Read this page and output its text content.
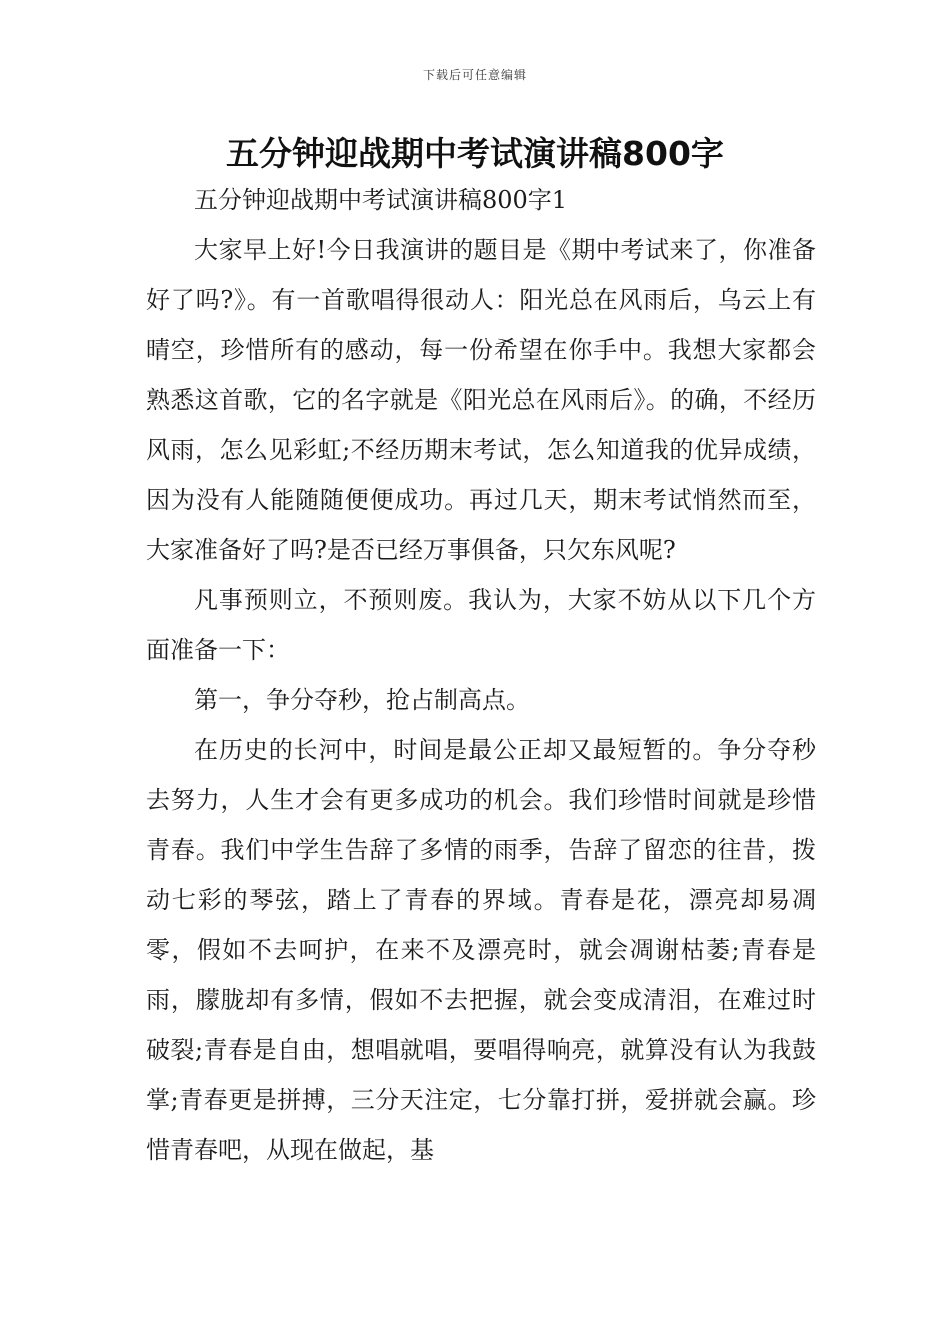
下载后可任意编辑
五分钟迎战期中考试演讲稿800字

五分钟迎战期中考试演讲稿800字1

大家早上好!今日我演讲的题目是《期中考试来了，你准备好了吗?》。有一首歌唱得很动人：阳光总在风雨后，乌云上有晴空，珍惜所有的感动，每一份希望在你手中。我想大家都会熟悉这首歌，它的名字就是《阳光总在风雨后》。的确，不经历风雨，怎么见彩虹;不经历期末考试，怎么知道我的优异成绩，因为没有人能随随便便成功。再过几天，期末考试悄然而至，大家准备好了吗?是否已经万事俱备，只欠东风呢?

凡事预则立，不预则废。我认为，大家不妨从以下几个方面准备一下：

第一，争分夺秒，抢占制高点。

在历史的长河中，时间是最公正却又最短暂的。争分夺秒去努力，人生才会有更多成功的机会。我们珍惜时间就是珍惜青春。我们中学生告辞了多情的雨季，告辞了留恋的往昔，拨动七彩的琴弦，踏上了青春的界域。青春是花，漂亮却易凋零，假如不去呵护，在来不及漂亮时，就会凋谢枯萎;青春是雨，朦胧却有多情，假如不去把握，就会变成清泪，在难过时破裂;青春是自由，想唱就唱，要唱得响亮，就算没有认为我鼓掌;青春更是拼搏，三分天注定，七分靠打拼，爱拼就会赢。珍惜青春吧，从现在做起，基
